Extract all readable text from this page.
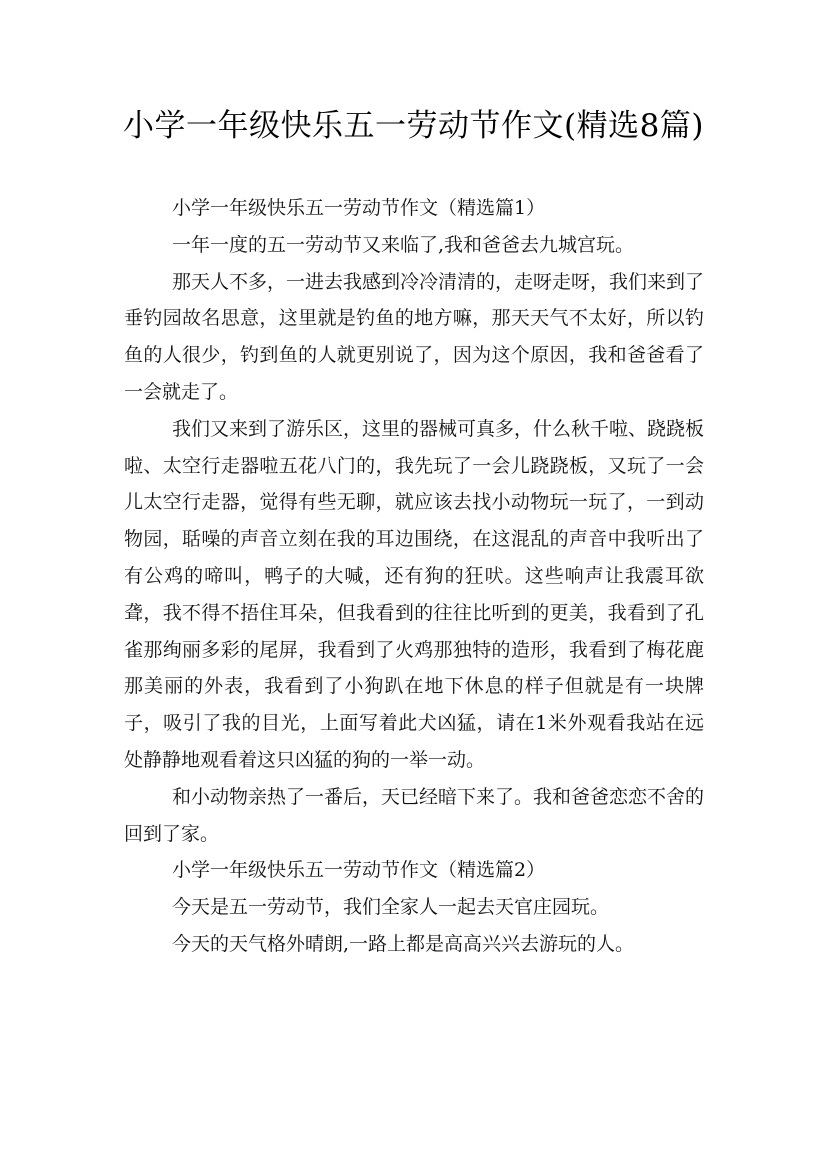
小学一年级快乐五一劳动节作文(精选8篇)

小学一年级快乐五一劳动节作文（精选篇1）

一年一度的五一劳动节又来临了,我和爸爸去九城宫玩。

那天人不多，一进去我感到冷冷清清的，走呀走呀，我们来到了垂钓园故名思意，这里就是钓鱼的地方嘛，那天天气不太好，所以钓鱼的人很少，钓到鱼的人就更别说了，因为这个原因，我和爸爸看了一会就走了。

我们又来到了游乐区，这里的器械可真多，什么秋千啦、跷跷板啦、太空行走器啦五花八门的，我先玩了一会儿跷跷板，又玩了一会儿太空行走器，觉得有些无聊，就应该去找小动物玩一玩了，一到动物园，聒噪的声音立刻在我的耳边围绕，在这混乱的声音中我听出了有公鸡的啼叫，鸭子的大喊，还有狗的狂吠。这些响声让我震耳欲聋，我不得不捂住耳朵，但我看到的往往比听到的更美，我看到了孔雀那绚丽多彩的尾屏，我看到了火鸡那独特的造形，我看到了梅花鹿那美丽的外表，我看到了小狗趴在地下休息的样子但就是有一块牌子，吸引了我的目光，上面写着此犬凶猛，请在1米外观看我站在远处静静地观看着这只凶猛的狗的一举一动。

和小动物亲热了一番后，天已经暗下来了。我和爸爸恋恋不舍的回到了家。

小学一年级快乐五一劳动节作文（精选篇2）

今天是五一劳动节，我们全家人一起去天官庄园玩。

今天的天气格外晴朗,一路上都是高高兴兴去游玩的人。
